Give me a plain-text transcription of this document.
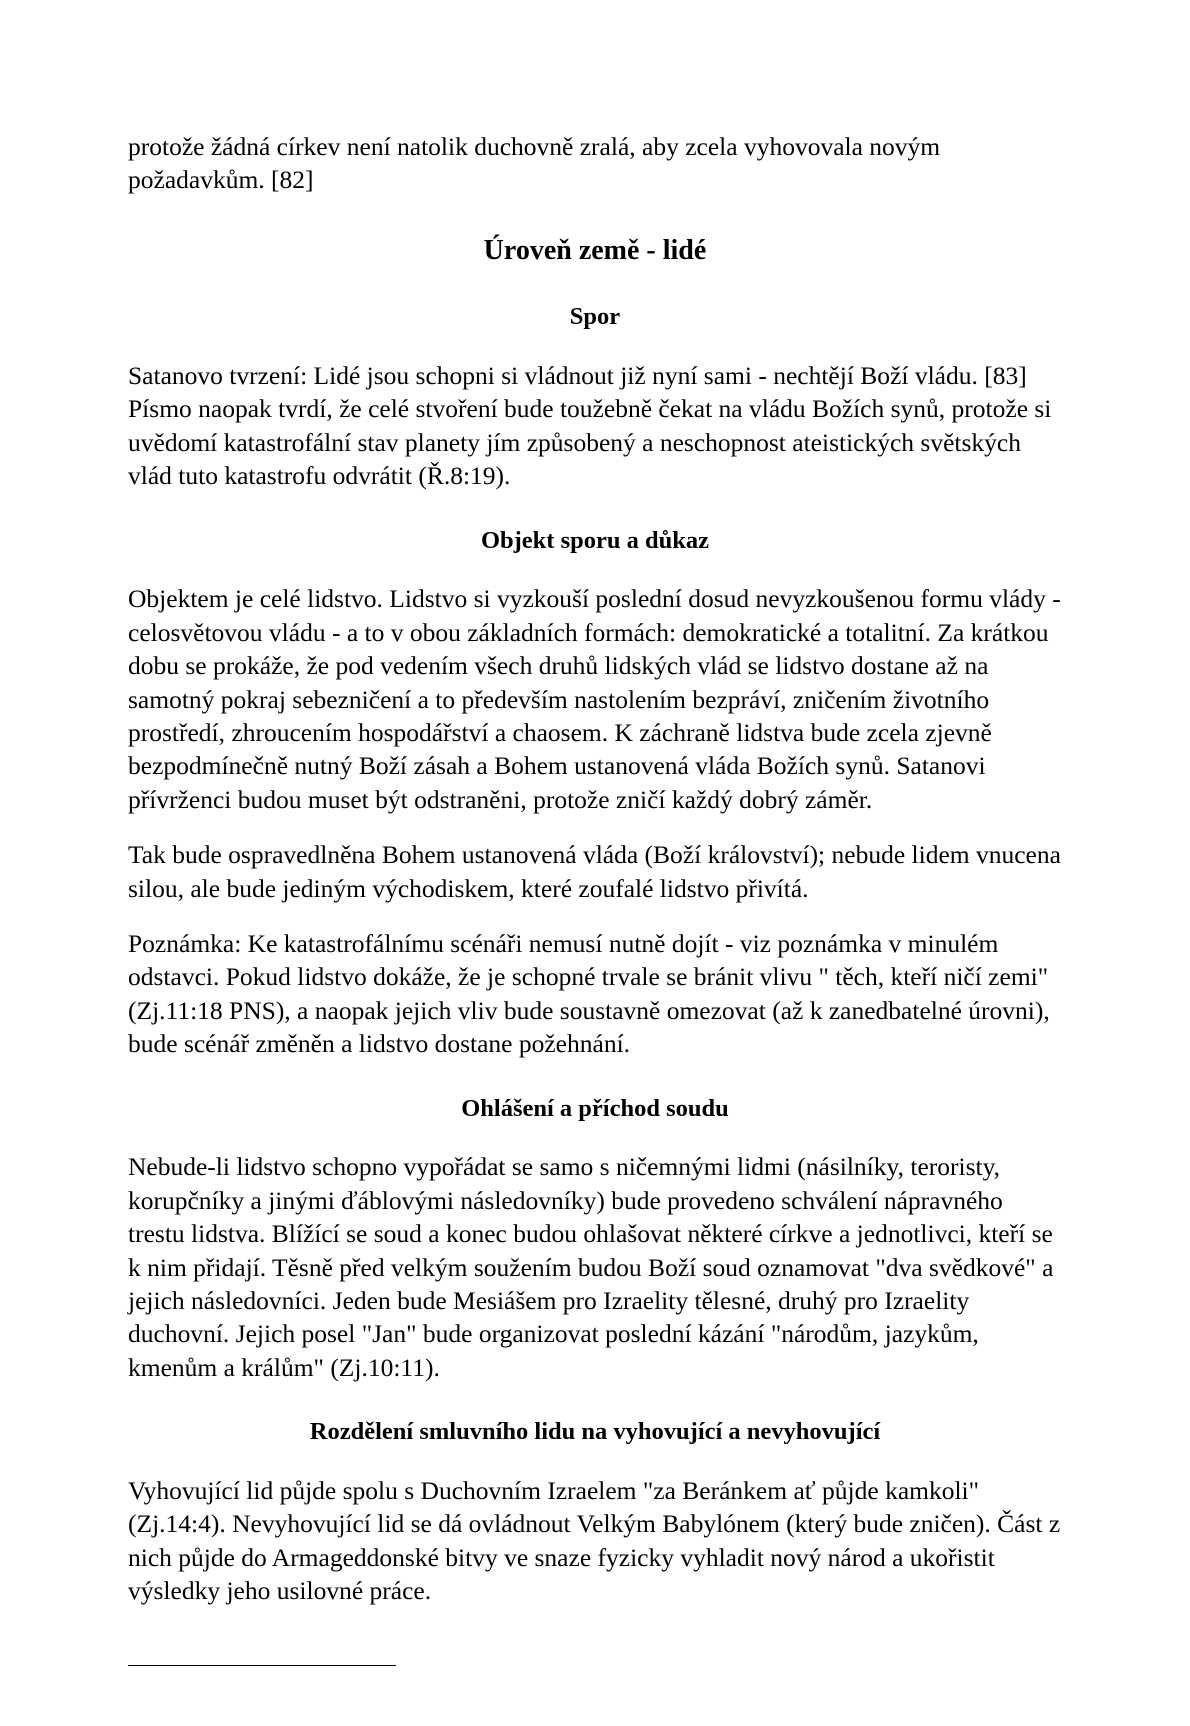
protože žádná církev není natolik duchovně zralá, aby zcela vyhovovala novým požadavkům. [82]

Úroveň země - lidé
Spor

Satanovo tvrzení: Lidé jsou schopni si vládnout již nyní sami - nechtějí Boží vládu. [83] Písmo naopak tvrdí, že celé stvoření bude toužebně čekat na vládu Božích synů, protože si uvědomí katastrofální stav planety jím způsobený a neschopnost ateistických světských vlád tuto katastrofu odvrátit (Ř.8:19).

Objekt sporu a důkaz

Objektem je celé lidstvo. Lidstvo si vyzkouší poslední dosud nevyzkoušenou formu vlády - celosvětovou vládu - a to v obou základních formách: demokratické a totalitní. Za krátkou dobu se prokáže, že pod vedením všech druhů lidských vlád se lidstvo dostane až na samotný pokraj sebezničení a to především nastolením bezpráví, zničením životního prostředí, zhroucením hospodářství a chaosem. K záchraně lidstva bude zcela zjevně bezpodmínečně nutný Boží zásah a Bohem ustanovená vláda Božích synů. Satanovi přívrženci budou muset být odstraněni, protože zničí každý dobrý záměr.

Tak bude ospravedlněna Bohem ustanovená vláda (Boží království); nebude lidem vnucena silou, ale bude jediným východiskem, které zoufalé lidstvo přivítá.

Poznámka: Ke katastrofálnímu scénáři nemusí nutně dojít - viz poznámka v minulém odstavci. Pokud lidstvo dokáže, že je schopné trvale se bránit vlivu " těch, kteří ničí zemi" (Zj.11:18 PNS), a naopak jejich vliv bude soustavně omezovat (až k zanedbatelné úrovni), bude scénář změněn a lidstvo dostane požehnání.

Ohlášení a příchod soudu

Nebude-li lidstvo schopno vypořádat se samo s ničemnými lidmi (násilníky, teroristy, korupčníky a jinými ďáblovými následovníky) bude provedeno schválení nápravného trestu lidstva. Blížící se soud a konec budou ohlašovat některé církve a jednotlivci, kteří se k nim přidají. Těsně před velkým soužením budou Boží soud oznamovat "dva svědkové" a jejich následovníci. Jeden bude Mesiášem pro Izraelity tělesné, druhý pro Izraelity duchovní. Jejich posel "Jan" bude organizovat poslední kázání "národům, jazykům, kmenům a králům" (Zj.10:11).

Rozdělení smluvního lidu na vyhovující a nevyhovující

Vyhovující lid půjde spolu s Duchovním Izraelem "za Beránkem ať půjde kamkoli" (Zj.14:4). Nevyhovující lid se dá ovládnout Velkým Babylónem (který bude zničen). Část z nich půjde do Armageddonské bitvy ve snaze fyzicky vyhladit nový národ a ukořistit výsledky jeho usilovné práce.
